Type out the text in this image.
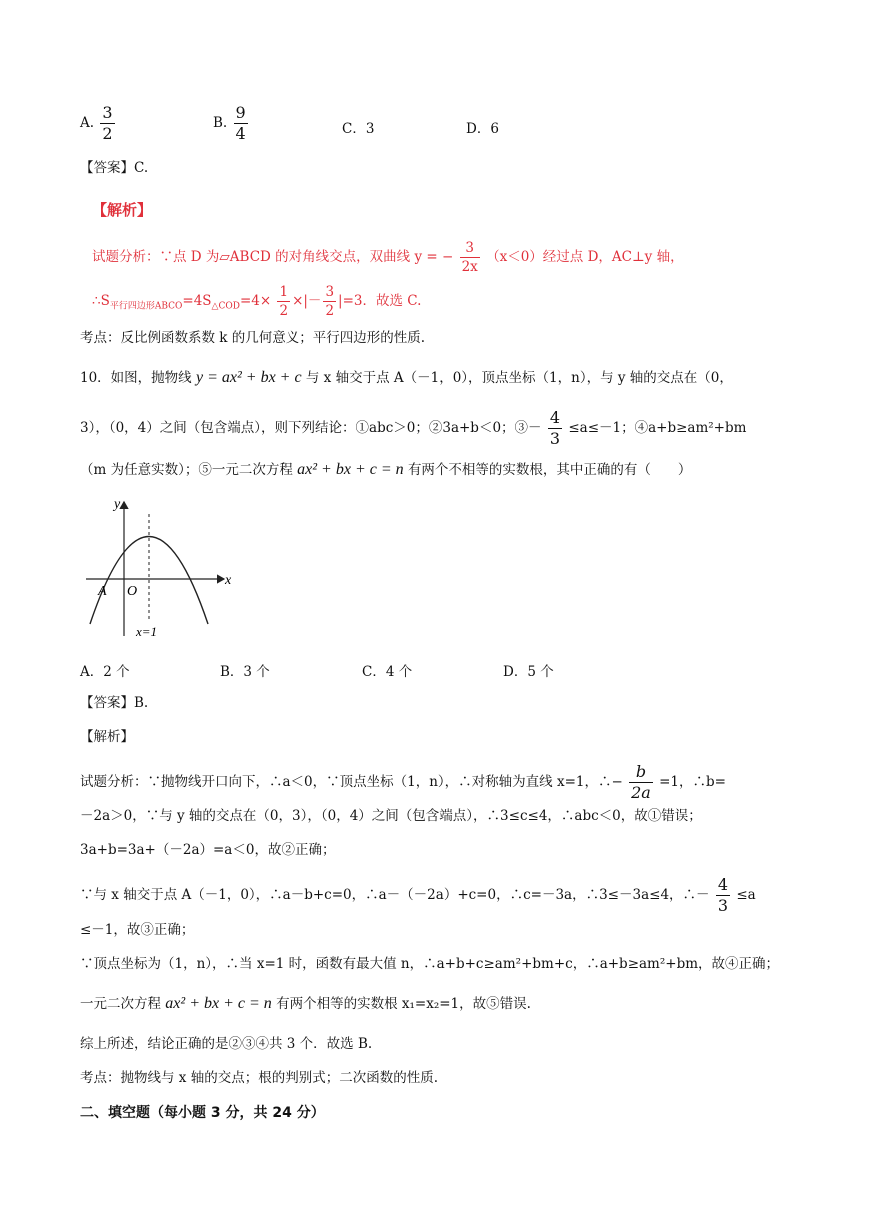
A. $\frac{3}{2}$	B. $\frac{9}{4}$	C．3	D．6
【答案】C.
【解析】
试题分析：∵点 D 为▱ABCD 的对角线交点，双曲线 y = − $\frac{3}{2x} (x<0)$经过点 D，AC⊥y 轴，
$\therefore S_{平行四边形ABCO}=4S_{\triangle COD}=4\times \frac{1}{2}$ ×|－ $\frac{3}{2} |=3$．故选 C.
考点：反比例函数系数 k 的几何意义；平行四边形的性质.
10．如图，抛物线 y = ax² + bx + c 与 x 轴交于点 A（－1，0），顶点坐标（1，n），与 y 轴的交点在（0，
3），（0，4）之间（包含端点），则下列结论：①abc＞0；②3a+b＜0；③－ $\frac{4}{3} \le a\le-1$；④a+b≥am²+bm
（m 为任意实数）；⑤一元二次方程 ax² + bx + c = n 有两个不相等的实数根，其中正确的有（　　）
y
x
O
A
x=1
A．2 个	B．3 个	C．4 个	D．5 个
【答案】B.
【解析】
试题分析：∵抛物线开口向下，∴a＜0，∵顶点坐标（1，n），∴对称轴为直线 x=1，∴− $\frac{b}{2a} =1$，∴b=
－2a＞0，∵与 y 轴的交点在（0，3），（0，4）之间（包含端点），∴3≤c≤4，∴abc＜0，故①错误；
3a+b=3a+（－2a）=a＜0，故②正确；
∵与 x 轴交于点 A（－1，0），∴a－b+c=0，∴a－（－2a）+c=0，∴c=－3a，∴3≤－3a≤4，∴－ $\frac{4}{3} \le a$
≤－1，故③正确；
∵顶点坐标为（1，n），∴当 x=1 时，函数有最大值 n，∴a+b+c≥am²+bm+c，∴a+b≥am²+bm，故④正确；
一元二次方程 ax² + bx + c = n 有两个相等的实数根 x₁=x₂=1，故⑤错误.
综上所述，结论正确的是②③④共 3 个．故选 B.
考点：抛物线与 x 轴的交点；根的判别式；二次函数的性质.
二、填空题（每小题 3 分，共 24 分）
